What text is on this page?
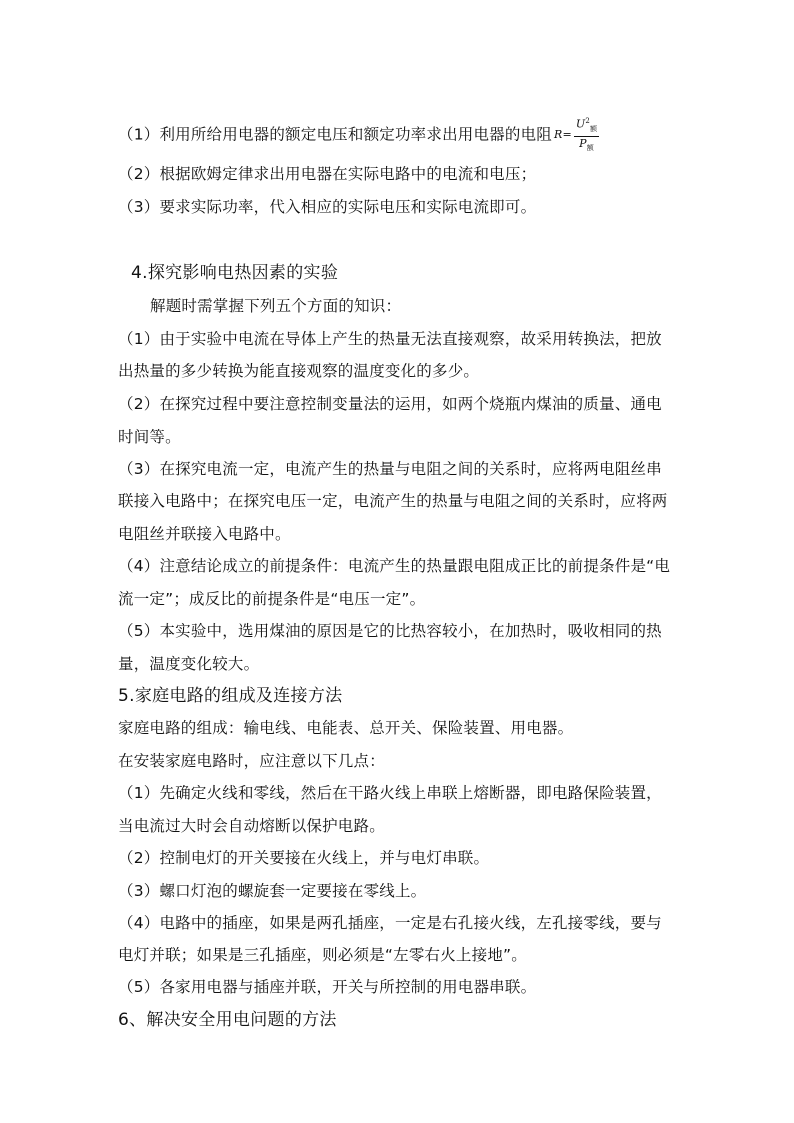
（1）利用所给用电器的额定电压和额定功率求出用电器的电阻 $R= \frac{U^2_额}{P_额}$
（2）根据欧姆定律求出用电器在实际电路中的电流和电压；
（3）要求实际功率，代入相应的实际电压和实际电流即可。
4.探究影响电热因素的实验
解题时需掌握下列五个方面的知识：
（1）由于实验中电流在导体上产生的热量无法直接观察，故采用转换法，把放
出热量的多少转换为能直接观察的温度变化的多少。
（2）在探究过程中要注意控制变量法的运用，如两个烧瓶内煤油的质量、通电
时间等。
（3）在探究电流一定，电流产生的热量与电阻之间的关系时，应将两电阻丝串
联接入电路中；在探究电压一定，电流产生的热量与电阻之间的关系时，应将两
电阻丝并联接入电路中。
（4）注意结论成立的前提条件：电流产生的热量跟电阻成正比的前提条件是“电
流一定”；成反比的前提条件是“电压一定”。
（5）本实验中，选用煤油的原因是它的比热容较小，在加热时，吸收相同的热
量，温度变化较大。
5.家庭电路的组成及连接方法
家庭电路的组成：输电线、电能表、总开关、保险装置、用电器。
在安装家庭电路时，应注意以下几点：
（1）先确定火线和零线，然后在干路火线上串联上熔断器，即电路保险装置，
当电流过大时会自动熔断以保护电路。
（2）控制电灯的开关要接在火线上，并与电灯串联。
（3）螺口灯泡的螺旋套一定要接在零线上。
（4）电路中的插座，如果是两孔插座，一定是右孔接火线，左孔接零线，要与
电灯并联；如果是三孔插座，则必须是“左零右火上接地”。
（5）各家用电器与插座并联，开关与所控制的用电器串联。
6、解决安全用电问题的方法
